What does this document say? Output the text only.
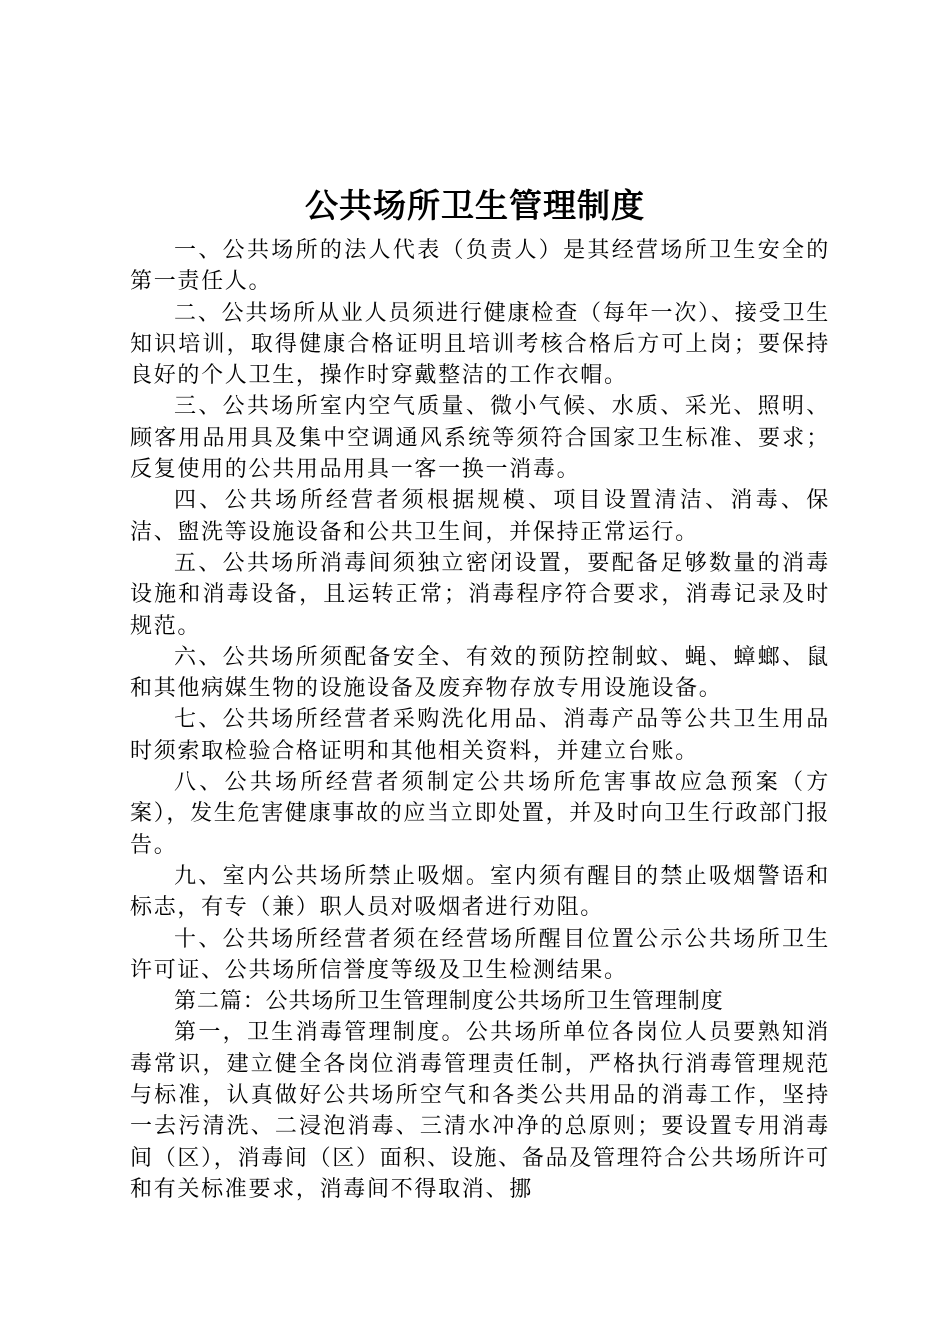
公共场所卫生管理制度

一、公共场所的法人代表（负责人）是其经营场所卫生安全的第一责任人。

二、公共场所从业人员须进行健康检查（每年一次）、接受卫生知识培训，取得健康合格证明且培训考核合格后方可上岗；要保持良好的个人卫生，操作时穿戴整洁的工作衣帽。

三、公共场所室内空气质量、微小气候、水质、采光、照明、顾客用品用具及集中空调通风系统等须符合国家卫生标准、要求；反复使用的公共用品用具一客一换一消毒。

四、公共场所经营者须根据规模、项目设置清洁、消毒、保洁、盥洗等设施设备和公共卫生间，并保持正常运行。

五、公共场所消毒间须独立密闭设置，要配备足够数量的消毒设施和消毒设备，且运转正常；消毒程序符合要求，消毒记录及时规范。

六、公共场所须配备安全、有效的预防控制蚊、蝇、蟑螂、鼠和其他病媒生物的设施设备及废弃物存放专用设施设备。

七、公共场所经营者采购洗化用品、消毒产品等公共卫生用品时须索取检验合格证明和其他相关资料，并建立台账。

八、公共场所经营者须制定公共场所危害事故应急预案（方案），发生危害健康事故的应当立即处置，并及时向卫生行政部门报告。

九、室内公共场所禁止吸烟。室内须有醒目的禁止吸烟警语和标志，有专（兼）职人员对吸烟者进行劝阻。

十、公共场所经营者须在经营场所醒目位置公示公共场所卫生许可证、公共场所信誉度等级及卫生检测结果。

第二篇：公共场所卫生管理制度公共场所卫生管理制度

第一，卫生消毒管理制度。公共场所单位各岗位人员要熟知消毒常识，建立健全各岗位消毒管理责任制，严格执行消毒管理规范与标准，认真做好公共场所空气和各类公共用品的消毒工作，坚持一去污清洗、二浸泡消毒、三清水冲净的总原则；要设置专用消毒间（区），消毒间（区）面积、设施、备品及管理符合公共场所许可和有关标准要求，消毒间不得取消、挪
